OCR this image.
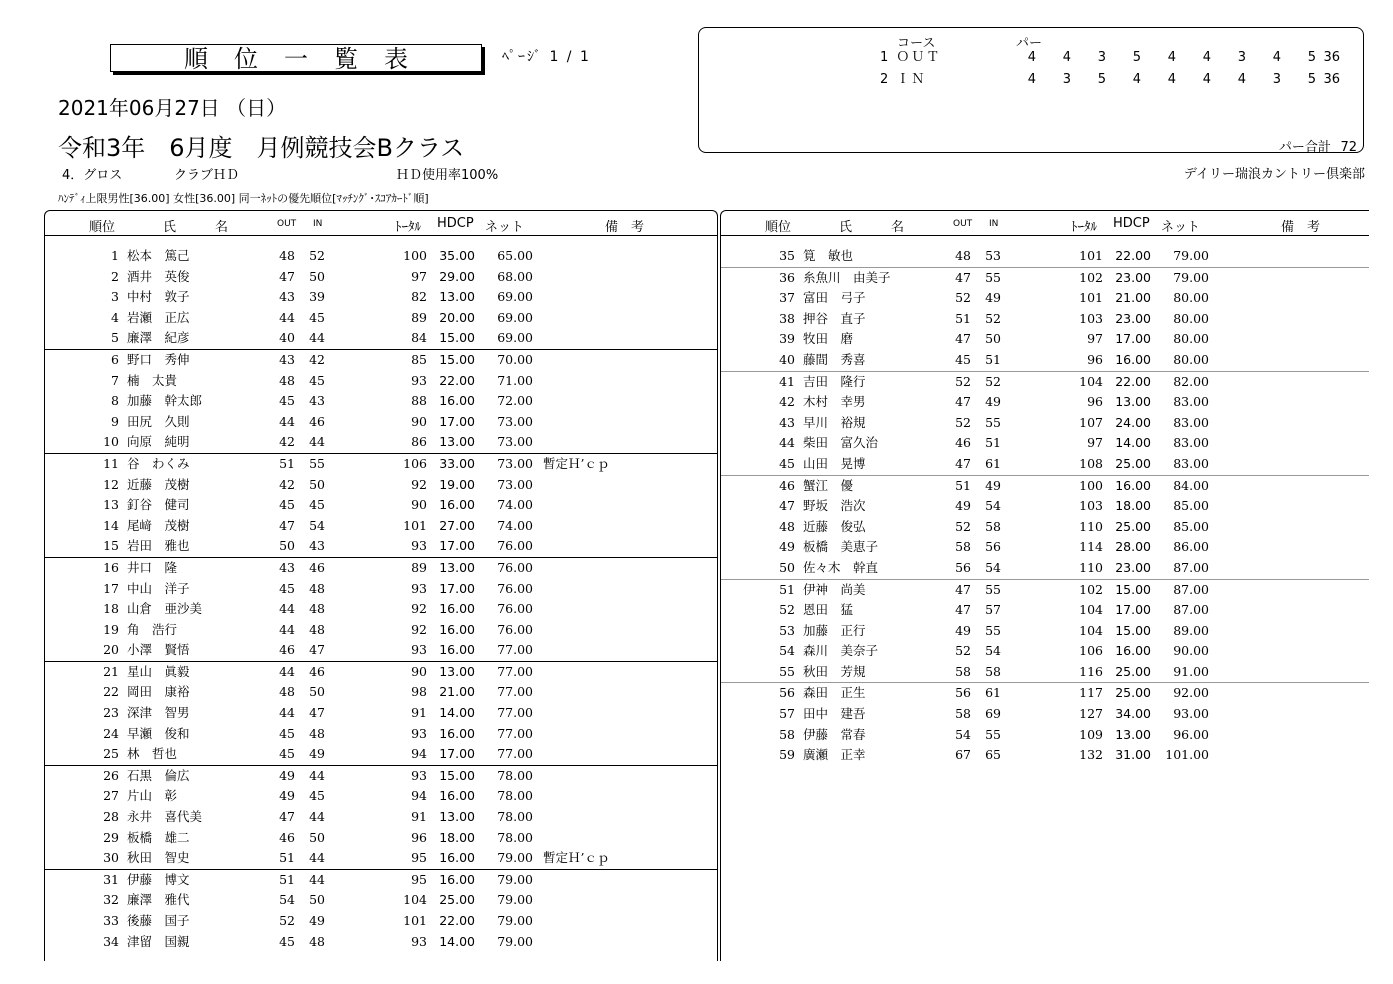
順位一覧表	ﾍﾟｰｼﾞ 1 / 1
2021年06月27日 （日）
令和3年　6月度　月例競技会Bクラス
4．グロス	クラブＨＤ	ＨＤ使用率100%	デイリー瑞浪カントリー倶楽部
ﾊﾝﾃﾞｨ上限男性[36.00] 女性[36.00] 同一ﾈｯﾄの優先順位[ﾏｯﾁﾝｸﾞ･ｽｺｱｶｰﾄﾞ順]
コース	パー
1 ＯＵＴ	4	4	3	5	4	4	3	4	5 36
2 ＩＮ	4	3	5	4	4	4	4	3	5 36
パー合計 72
順位	氏　　　名	OUT IN	ﾄｰﾀﾙ HDCP ネット	備　考
1 松本　篤己	48	52	100 35.00	65.00
2 酒井　英俊	47	50	97 29.00	68.00
3 中村　敦子	43	39	82 13.00	69.00
4 岩瀬　正広	44	45	89 20.00	69.00
5 廉澤　紀彦	40	44	84 15.00	69.00
6 野口　秀伸	43	42	85 15.00	70.00
7 楠　太貴	48	45	93 22.00	71.00
8 加藤　幹太郎	45	43	88 16.00	72.00
9 田尻　久則	44	46	90 17.00	73.00
10 向原　純明	42	44	86 13.00	73.00
11 谷　わくみ	51	55	106 33.00	73.00 暫定Ｈ’ｃｐ
12 近藤　茂樹	42	50	92 19.00	73.00
13 釘谷　健司	45	45	90 16.00	74.00
14 尾﨑　茂樹	47	54	101 27.00	74.00
15 岩田　雅也	50	43	93 17.00	76.00
16 井口　隆	43	46	89 13.00	76.00
17 中山　洋子	45	48	93 17.00	76.00
18 山倉　亜沙美	44	48	92 16.00	76.00
19 角　浩行	44	48	92 16.00	76.00
20 小澤　賢悟	46	47	93 16.00	77.00
21 星山　眞毅	44	46	90 13.00	77.00
22 岡田　康裕	48	50	98 21.00	77.00
23 深津　智男	44	47	91 14.00	77.00
24 早瀬　俊和	45	48	93 16.00	77.00
25 林　哲也	45	49	94 17.00	77.00
26 石黒　倫広	49	44	93 15.00	78.00
27 片山　彰	49	45	94 16.00	78.00
28 永井　喜代美	47	44	91 13.00	78.00
29 板橋　雄二	46	50	96 18.00	78.00
30 秋田　智史	51	44	95 16.00	79.00 暫定Ｈ’ｃｐ
31 伊藤　博文	51	44	95 16.00	79.00
32 廉澤　雅代	54	50	104 25.00	79.00
33 後藤　国子	52	49	101 22.00	79.00
34 津留　国親	45	48	93 14.00	79.00
順位	氏　　　名	OUT IN	ﾄｰﾀﾙ HDCP ネット	備　考
35 筧　敏也	48	53	101 22.00	79.00
36 糸魚川　由美子	47	55	102 23.00	79.00
37 富田　弓子	52	49	101 21.00	80.00
38 押谷　直子	51	52	103 23.00	80.00
39 牧田　磨	47	50	97 17.00	80.00
40 藤間　秀喜	45	51	96 16.00	80.00
41 吉田　隆行	52	52	104 22.00	82.00
42 木村　幸男	47	49	96 13.00	83.00
43 早川　裕規	52	55	107 24.00	83.00
44 柴田　富久治	46	51	97 14.00	83.00
45 山田　晃博	47	61	108 25.00	83.00
46 蟹江　優	51	49	100 16.00	84.00
47 野坂　浩次	49	54	103 18.00	85.00
48 近藤　俊弘	52	58	110 25.00	85.00
49 板橋　美恵子	58	56	114 28.00	86.00
50 佐々木　幹直	56	54	110 23.00	87.00
51 伊神　尚美	47	55	102 15.00	87.00
52 恩田　猛	47	57	104 17.00	87.00
53 加藤　正行	49	55	104 15.00	89.00
54 森川　美奈子	52	54	106 16.00	90.00
55 秋田　芳規	58	58	116 25.00	91.00
56 森田　正生	56	61	117 25.00	92.00
57 田中　建吾	58	69	127 34.00	93.00
58 伊藤　常春	54	55	109 13.00	96.00
59 廣瀬　正幸	67	65	132 31.00	101.00
